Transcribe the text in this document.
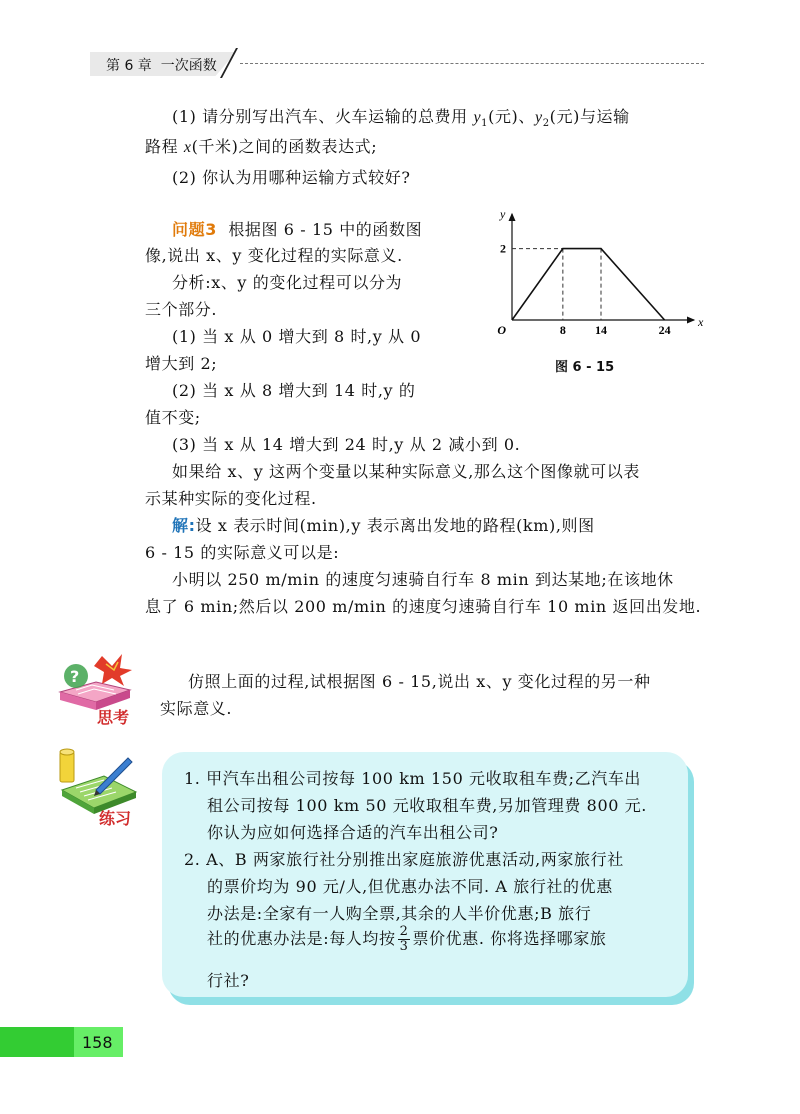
第 6 章 一次函数
(1) 请分别写出汽车、火车运输的总费用 $y_1$(元)、$y_2$(元)与运输
路程 x(千米)之间的函数表达式;
(2) 你认为用哪种运输方式较好?
问题3 根据图 6 - 15 中的函数图
像,说出 x、y 变化过程的实际意义.
分析:x、y 的变化过程可以分为
三个部分.
(1) 当 x 从 0 增大到 8 时,y 从 0
增大到 2;
(2) 当 x 从 8 增大到 14 时,y 的
值不变;
(3) 当 x 从 14 增大到 24 时,y 从 2 减小到 0.
如果给 x、y 这两个变量以某种实际意义,那么这个图像就可以表
示某种实际的变化过程.
解:设 x 表示时间(min),y 表示离出发地的路程(km),则图
6 - 15 的实际意义可以是:
小明以 250 m/min 的速度匀速骑自行车 8 min 到达某地;在该地休
息了 6 min;然后以 200 m/min 的速度匀速骑自行车 10 min 返回出发地.
8 14	24
2
O
x
y
图 6 - 15
?
思考
仿照上面的过程,试根据图 6 - 15,说出 x、y 变化过程的另一种
实际意义.
练习
1. 甲汽车出租公司按每 100 km 150 元收取租车费;乙汽车出
租公司按每 100 km 50 元收取租车费,另加管理费 800 元.
你认为应如何选择合适的汽车出租公司?
2. A、B 两家旅行社分别推出家庭旅游优惠活动,两家旅行社
的票价均为 90 元/人,但优惠办法不同. A 旅行社的优惠
办法是:全家有一人购全票,其余的人半价优惠;B 旅行
社的优惠办法是:每人均按 $\frac{2}{3}$ 票价优惠. 你将选择哪家旅
行社?
158
